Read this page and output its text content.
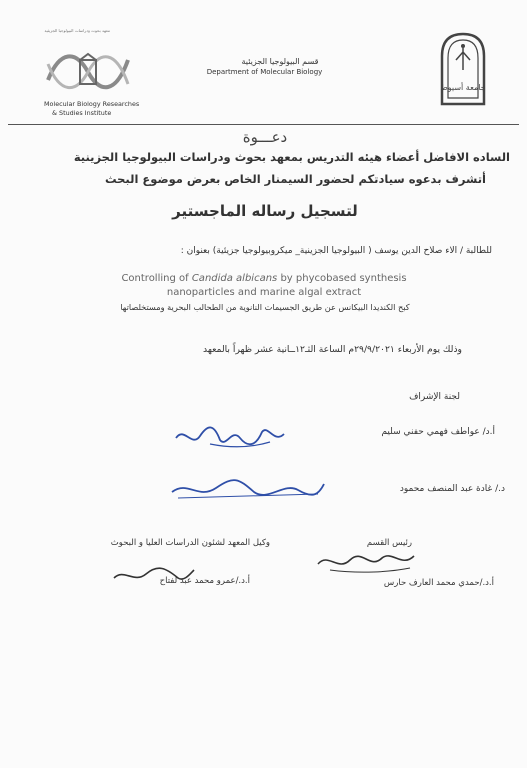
معهد بحوث ودراسات البيولوجيا الجزيئية
Molecular Biology Researches
& Studies Institute
قسم البيولوجيا الجزيئية
Department of Molecular Biology
جامعة أسيوط
دعـــوة
الساده الافاضل أعضاء هيئه التدريس بمعهد بحوث ودراسات البيولوجيا الجزينية
أتشرف بدعوه سيادتكم لحضور السيمنار الخاص بعرض موضوع البحث
لتسجيل رساله الماجستير
للطالبة / الاء صلاح الدين يوسف ( البيولوجيا الجزينية_ ميكروبيولوجيا جزيئية) بعنوان :
Controlling of Candida albicans by phycobased synthesis
nanoparticles and marine algal extract
كبح الكنديدا البيكانس عن طريق الجسيمات النانوية من الطحالب البحرية ومستخلصاتها
وذلك يوم الأربعاء ٢٩/٩/٢٠٢١م الساعة الثـ١٢ــانية عشر ظهراً بالمعهد
لجنة الإشراف
أ.د/ عواطف فهمي حفني سليم
د./ غادة عبد المنصف محمود
رئيس القسم
وكيل المعهد لشئون الدراسات العليا و البحوث
أ.د./حمدي محمد العارف حارس
أ.د./عمرو محمد عبد لفتاح
